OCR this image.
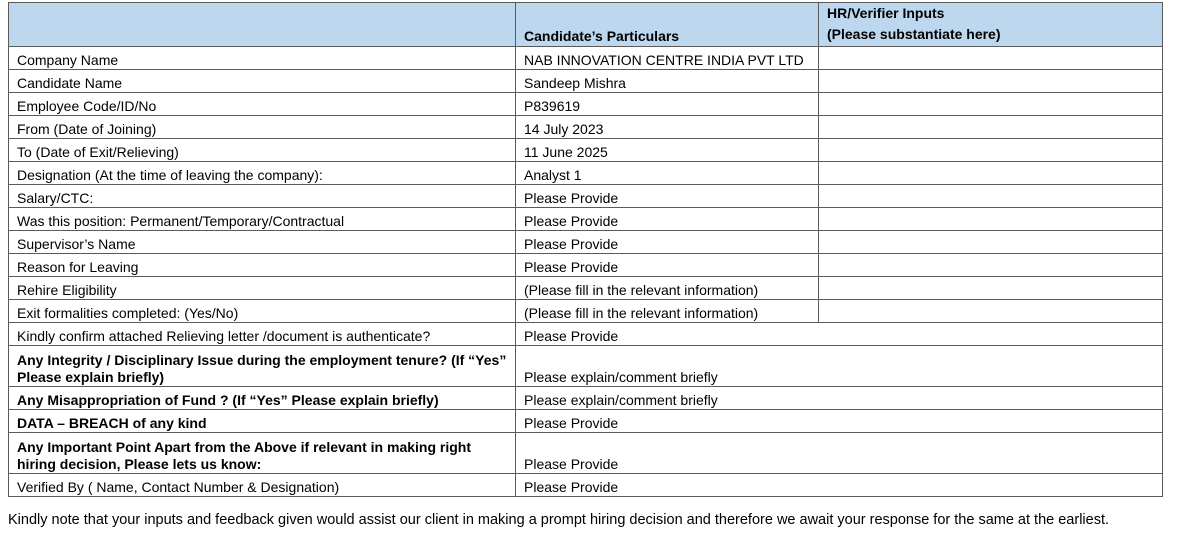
	Candidate’s Particulars	HR/Verifier Inputs
(Please substantiate here)

Company Name	NAB INNOVATION CENTRE INDIA PVT LTD	
Candidate Name	Sandeep Mishra	
Employee Code/ID/No	P839619	
From (Date of Joining)	14 July 2023	
To (Date of Exit/Relieving)	11 June 2025	
Designation (At the time of leaving the company):	Analyst 1	
Salary/CTC:	Please Provide	
Was this position: Permanent/Temporary/Contractual	Please Provide	
Supervisor’s Name	Please Provide	
Reason for Leaving	Please Provide	
Rehire Eligibility	(Please fill in the relevant information)	
Exit formalities completed: (Yes/No)	(Please fill in the relevant information)	
Kindly confirm attached Relieving letter /document is authenticate?	Please Provide	
Any Integrity / Disciplinary Issue during the employment tenure? (If “Yes” Please explain briefly)	Please explain/comment briefly	
Any Misappropriation of Fund ? (If “Yes” Please explain briefly)	Please explain/comment briefly	
DATA – BREACH of any kind	Please Provide	
Any Important Point Apart from the Above if relevant in making right hiring decision, Please lets us know:	Please Provide	
Verified By ( Name, Contact Number & Designation)	Please Provide	
Kindly note that your inputs and feedback given would assist our client in making a prompt hiring decision and therefore we await your response for the same at the earliest.
